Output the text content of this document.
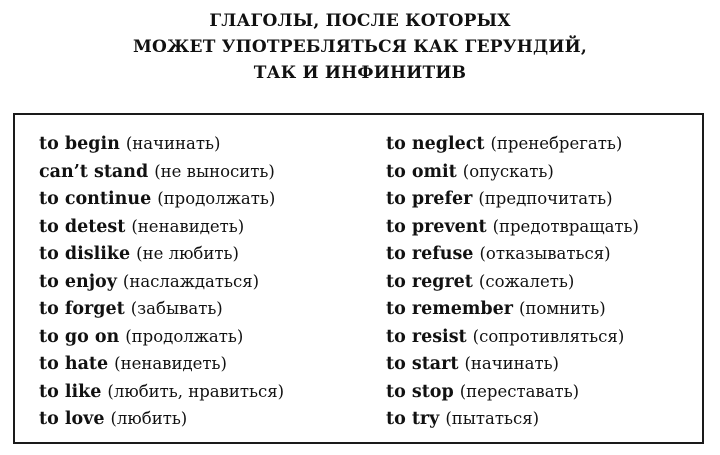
ГЛАГОЛЫ, ПОСЛЕ КОТОРЫХ
МОЖЕТ УПОТРЕБЛЯТЬСЯ КАК ГЕРУНДИЙ,
ТАК И ИНФИНИТИВ
to begin (начинать)
can’t stand (не выносить)
to continue (продолжать)
to detest (ненавидеть)
to dislike (не любить)
to enjoy (наслаждаться)
to forget (забывать)
to go on (продолжать)
to hate (ненавидеть)
to like (любить, нравиться)
to love (любить)
to neglect (пренебрегать)
to omit (опускать)
to prefer (предпочитать)
to prevent (предотвращать)
to refuse (отказываться)
to regret (сожалеть)
to remember (помнить)
to resist (сопротивляться)
to start (начинать)
to stop (переставать)
to try (пытаться)
